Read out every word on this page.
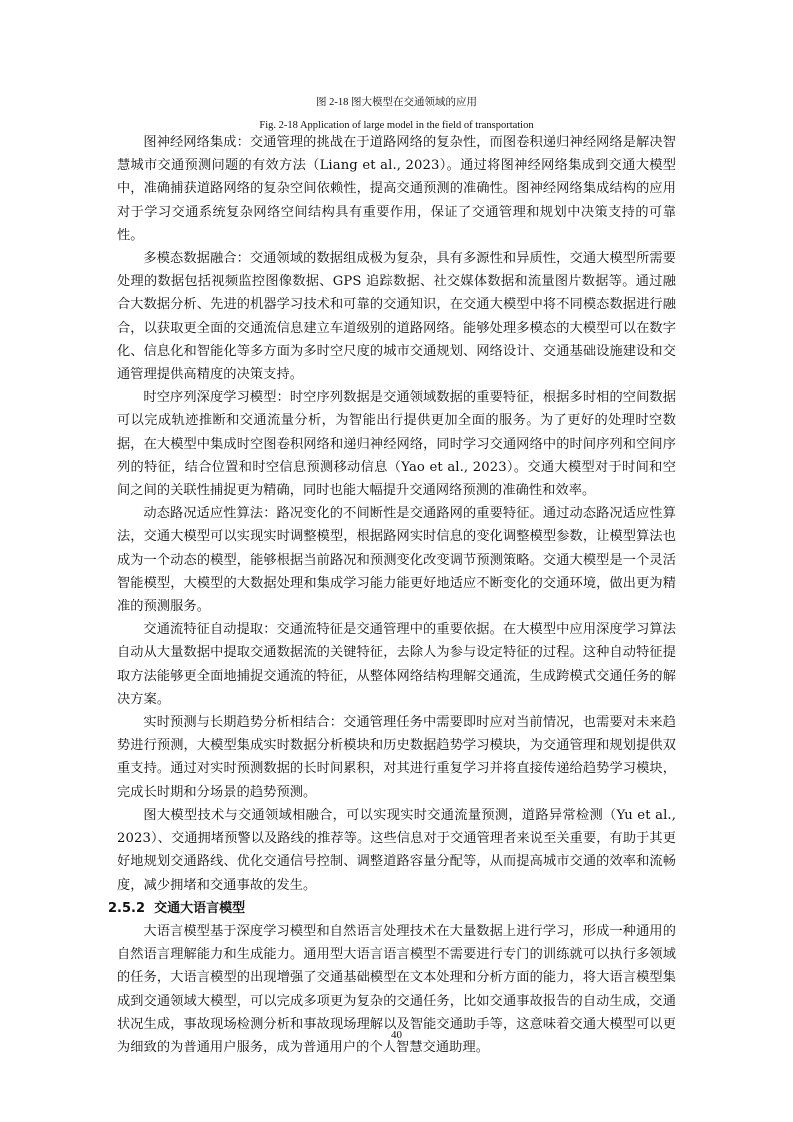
图 2-18 图大模型在交通领域的应用
Fig. 2-18 Application of large model in the field of transportation

图神经网络集成：交通管理的挑战在于道路网络的复杂性，而图卷积递归神经网络是解决智慧城市交通预测问题的有效方法（Liang et al., 2023）。通过将图神经网络集成到交通大模型中，准确捕获道路网络的复杂空间依赖性，提高交通预测的准确性。图神经网络集成结构的应用对于学习交通系统复杂网络空间结构具有重要作用，保证了交通管理和规划中决策支持的可靠性。

多模态数据融合：交通领域的数据组成极为复杂，具有多源性和异质性，交通大模型所需要处理的数据包括视频监控图像数据、GPS 追踪数据、社交媒体数据和流量图片数据等。通过融合大数据分析、先进的机器学习技术和可靠的交通知识，在交通大模型中将不同模态数据进行融合，以获取更全面的交通流信息建立车道级别的道路网络。能够处理多模态的大模型可以在数字化、信息化和智能化等多方面为多时空尺度的城市交通规划、网络设计、交通基础设施建设和交通管理提供高精度的决策支持。

时空序列深度学习模型：时空序列数据是交通领域数据的重要特征，根据多时相的空间数据可以完成轨迹推断和交通流量分析，为智能出行提供更加全面的服务。为了更好的处理时空数据，在大模型中集成时空图卷积网络和递归神经网络，同时学习交通网络中的时间序列和空间序列的特征，结合位置和时空信息预测移动信息（Yao et al., 2023）。交通大模型对于时间和空间之间的关联性捕捉更为精确，同时也能大幅提升交通网络预测的准确性和效率。

动态路况适应性算法：路况变化的不间断性是交通路网的重要特征。通过动态路况适应性算法，交通大模型可以实现实时调整模型，根据路网实时信息的变化调整模型参数，让模型算法也成为一个动态的模型，能够根据当前路况和预测变化改变调节预测策略。交通大模型是一个灵活智能模型，大模型的大数据处理和集成学习能力能更好地适应不断变化的交通环境，做出更为精准的预测服务。

交通流特征自动提取：交通流特征是交通管理中的重要依据。在大模型中应用深度学习算法自动从大量数据中提取交通数据流的关键特征，去除人为参与设定特征的过程。这种自动特征提取方法能够更全面地捕捉交通流的特征，从整体网络结构理解交通流，生成跨模式交通任务的解决方案。

实时预测与长期趋势分析相结合：交通管理任务中需要即时应对当前情况，也需要对未来趋势进行预测，大模型集成实时数据分析模块和历史数据趋势学习模块，为交通管理和规划提供双重支持。通过对实时预测数据的长时间累积，对其进行重复学习并将直接传递给趋势学习模块，完成长时期和分场景的趋势预测。

图大模型技术与交通领域相融合，可以实现实时交通流量预测，道路异常检测（Yu et al., 2023）、交通拥堵预警以及路线的推荐等。这些信息对于交通管理者来说至关重要，有助于其更好地规划交通路线、优化交通信号控制、调整道路容量分配等，从而提高城市交通的效率和流畅度，减少拥堵和交通事故的发生。

2.5.2 交通大语言模型

大语言模型基于深度学习模型和自然语言处理技术在大量数据上进行学习，形成一种通用的自然语言理解能力和生成能力。通用型大语言语言模型不需要进行专门的训练就可以执行多领域的任务，大语言模型的出现增强了交通基础模型在文本处理和分析方面的能力，将大语言模型集成到交通领域大模型，可以完成多项更为复杂的交通任务，比如交通事故报告的自动生成，交通状况生成，事故现场检测分析和事故现场理解以及智能交通助手等，这意味着交通大模型可以更为细致的为普通用户服务，成为普通用户的个人智慧交通助理。

40
